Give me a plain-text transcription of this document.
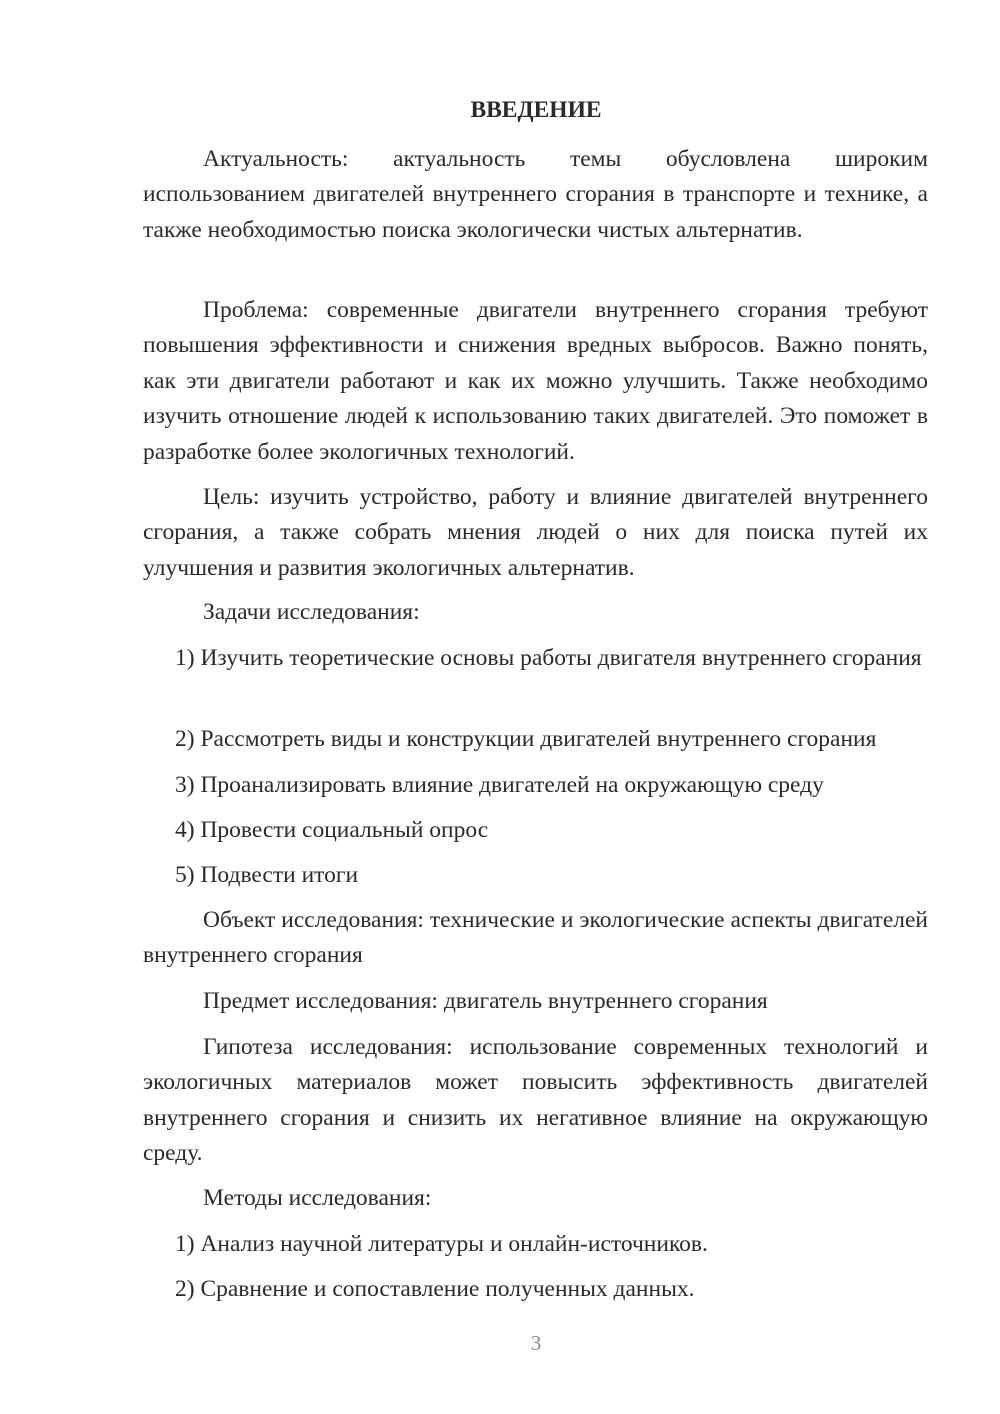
ВВЕДЕНИЕ

Актуальность: актуальность темы обусловлена широким использованием двигателей внутреннего сгорания в транспорте и технике, а также необходимостью поиска экологически чистых альтернатив.

Проблема: современные двигатели внутреннего сгорания требуют повышения эффективности и снижения вредных выбросов. Важно понять, как эти двигатели работают и как их можно улучшить. Также необходимо изучить отношение людей к использованию таких двигателей. Это поможет в разработке более экологичных технологий.

Цель: изучить устройство, работу и влияние двигателей внутреннего сгорания, а также собрать мнения людей о них для поиска путей их улучшения и развития экологичных альтернатив.

Задачи исследования:

1) Изучить теоретические основы работы двигателя внутреннего сгорания

2) Рассмотреть виды и конструкции двигателей внутреннего сгорания

3) Проанализировать влияние двигателей на окружающую среду

4) Провести социальный опрос

5) Подвести итоги

Объект исследования: технические и экологические аспекты двигателей внутреннего сгорания

Предмет исследования: двигатель внутреннего сгорания

Гипотеза исследования: использование современных технологий и экологичных материалов может повысить эффективность двигателей внутреннего сгорания и снизить их негативное влияние на окружающую среду.

Методы исследования:

1) Анализ научной литературы и онлайн-источников.

2) Сравнение и сопоставление полученных данных.

3
